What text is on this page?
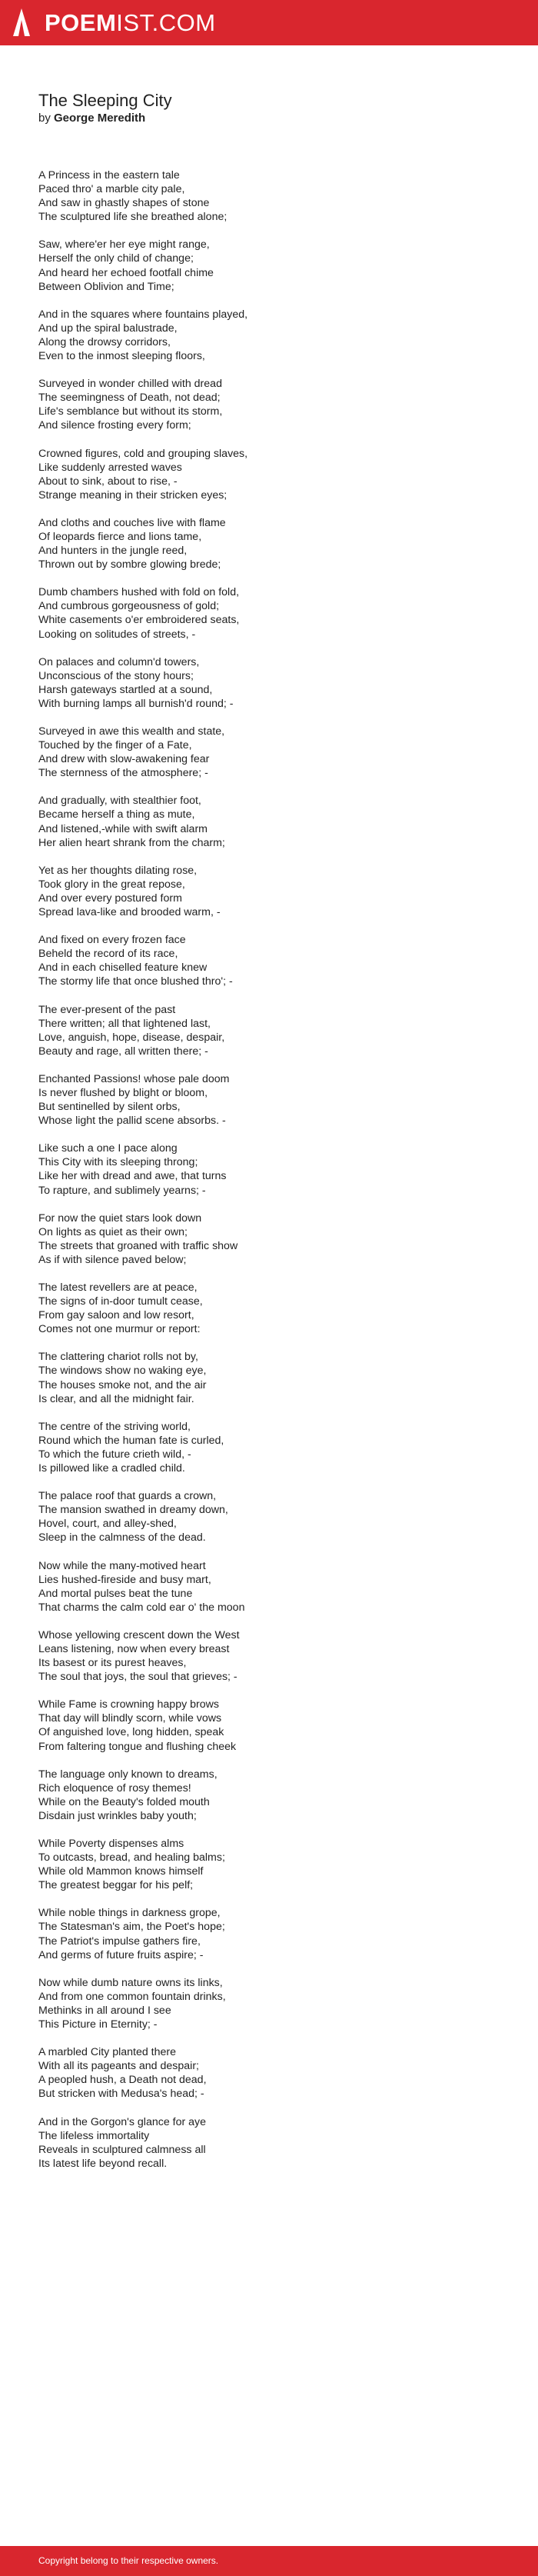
POEMIST.COM
The Sleeping City
by George Meredith
A Princess in the eastern tale
Paced thro' a marble city pale,
And saw in ghastly shapes of stone
The sculptured life she breathed alone;
Saw, where'er her eye might range,
Herself the only child of change;
And heard her echoed footfall chime
Between Oblivion and Time;
And in the squares where fountains played,
And up the spiral balustrade,
Along the drowsy corridors,
Even to the inmost sleeping floors,
Surveyed in wonder chilled with dread
The seemingness of Death, not dead;
Life's semblance but without its storm,
And silence frosting every form;
Crowned figures, cold and grouping slaves,
Like suddenly arrested waves
About to sink, about to rise, -
Strange meaning in their stricken eyes;
And cloths and couches live with flame
Of leopards fierce and lions tame,
And hunters in the jungle reed,
Thrown out by sombre glowing brede;
Dumb chambers hushed with fold on fold,
And cumbrous gorgeousness of gold;
White casements o'er embroidered seats,
Looking on solitudes of streets, -
On palaces and column'd towers,
Unconscious of the stony hours;
Harsh gateways startled at a sound,
With burning lamps all burnish'd round; -
Surveyed in awe this wealth and state,
Touched by the finger of a Fate,
And drew with slow-awakening fear
The sternness of the atmosphere; -
And gradually, with stealthier foot,
Became herself a thing as mute,
And listened,-while with swift alarm
Her alien heart shrank from the charm;
Yet as her thoughts dilating rose,
Took glory in the great repose,
And over every postured form
Spread lava-like and brooded warm, -
And fixed on every frozen face
Beheld the record of its race,
And in each chiselled feature knew
The stormy life that once blushed thro'; -
The ever-present of the past
There written; all that lightened last,
Love, anguish, hope, disease, despair,
Beauty and rage, all written there; -
Enchanted Passions! whose pale doom
Is never flushed by blight or bloom,
But sentinelled by silent orbs,
Whose light the pallid scene absorbs. -
Like such a one I pace along
This City with its sleeping throng;
Like her with dread and awe, that turns
To rapture, and sublimely yearns; -
For now the quiet stars look down
On lights as quiet as their own;
The streets that groaned with traffic show
As if with silence paved below;
The latest revellers are at peace,
The signs of in-door tumult cease,
From gay saloon and low resort,
Comes not one murmur or report:
The clattering chariot rolls not by,
The windows show no waking eye,
The houses smoke not, and the air
Is clear, and all the midnight fair.
The centre of the striving world,
Round which the human fate is curled,
To which the future crieth wild, -
Is pillowed like a cradled child.
The palace roof that guards a crown,
The mansion swathed in dreamy down,
Hovel, court, and alley-shed,
Sleep in the calmness of the dead.
Now while the many-motived heart
Lies hushed-fireside and busy mart,
And mortal pulses beat the tune
That charms the calm cold ear o' the moon
Whose yellowing crescent down the West
Leans listening, now when every breast
Its basest or its purest heaves,
The soul that joys, the soul that grieves; -
While Fame is crowning happy brows
That day will blindly scorn, while vows
Of anguished love, long hidden, speak
From faltering tongue and flushing cheek
The language only known to dreams,
Rich eloquence of rosy themes!
While on the Beauty's folded mouth
Disdain just wrinkles baby youth;
While Poverty dispenses alms
To outcasts, bread, and healing balms;
While old Mammon knows himself
The greatest beggar for his pelf;
While noble things in darkness grope,
The Statesman's aim, the Poet's hope;
The Patriot's impulse gathers fire,
And germs of future fruits aspire; -
Now while dumb nature owns its links,
And from one common fountain drinks,
Methinks in all around I see
This Picture in Eternity; -
A marbled City planted there
With all its pageants and despair;
A peopled hush, a Death not dead,
But stricken with Medusa's head; -
And in the Gorgon's glance for aye
The lifeless immortality
Reveals in sculptured calmness all
Its latest life beyond recall.
Copyright belong to their respective owners.
